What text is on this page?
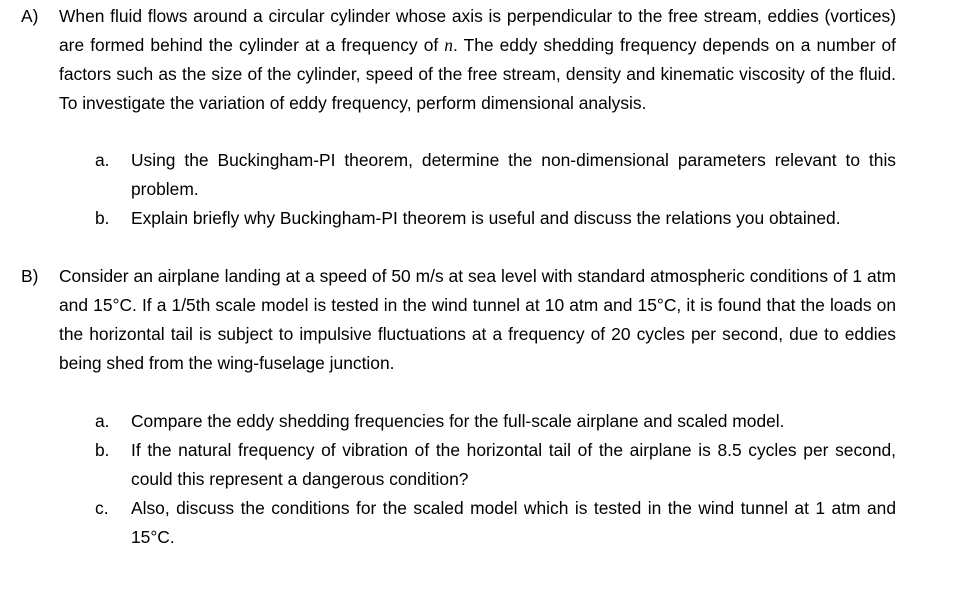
A) When fluid flows around a circular cylinder whose axis is perpendicular to the free stream, eddies (vortices) are formed behind the cylinder at a frequency of n. The eddy shedding frequency depends on a number of factors such as the size of the cylinder, speed of the free stream, density and kinematic viscosity of the fluid. To investigate the variation of eddy frequency, perform dimensional analysis.

a. Using the Buckingham-PI theorem, determine the non-dimensional parameters relevant to this problem.

b. Explain briefly why Buckingham-PI theorem is useful and discuss the relations you obtained.

B) Consider an airplane landing at a speed of 50 m/s at sea level with standard atmospheric conditions of 1 atm and 15°C. If a 1/5th scale model is tested in the wind tunnel at 10 atm and 15°C, it is found that the loads on the horizontal tail is subject to impulsive fluctuations at a frequency of 20 cycles per second, due to eddies being shed from the wing-fuselage junction.

a. Compare the eddy shedding frequencies for the full-scale airplane and scaled model.

b. If the natural frequency of vibration of the horizontal tail of the airplane is 8.5 cycles per second, could this represent a dangerous condition?

c. Also, discuss the conditions for the scaled model which is tested in the wind tunnel at 1 atm and 15°C.
